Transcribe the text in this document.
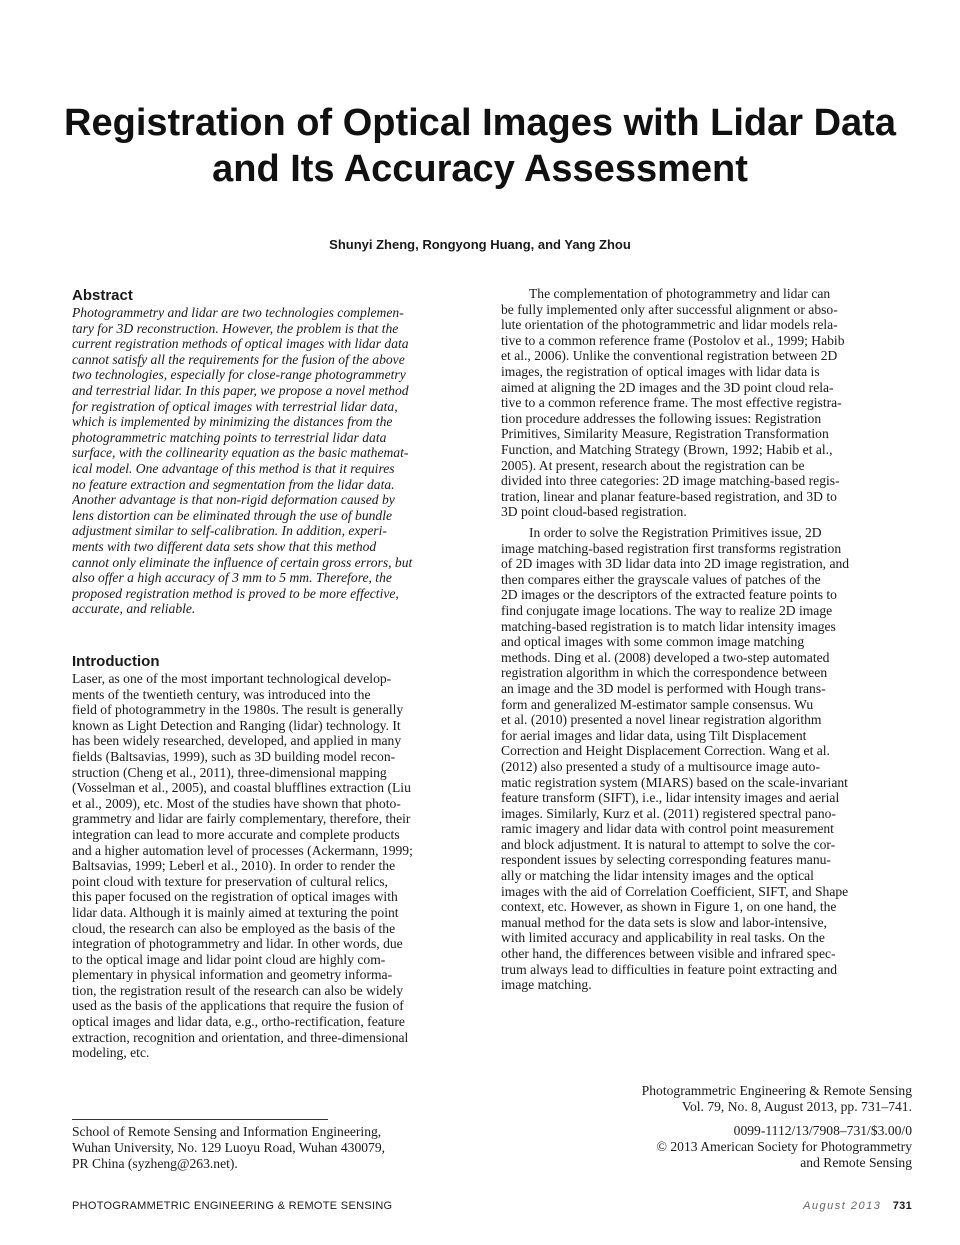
Registration of Optical Images with Lidar Data
and Its Accuracy Assessment
Shunyi Zheng, Rongyong Huang, and Yang Zhou
Abstract
Photogrammetry and lidar are two technologies complemen-
tary for 3D reconstruction. However, the problem is that the
current registration methods of optical images with lidar data
cannot satisfy all the requirements for the fusion of the above
two technologies, especially for close-range photogrammetry
and terrestrial lidar. In this paper, we propose a novel method
for registration of optical images with terrestrial lidar data,
which is implemented by minimizing the distances from the
photogrammetric matching points to terrestrial lidar data
surface, with the collinearity equation as the basic mathemat-
ical model. One advantage of this method is that it requires
no feature extraction and segmentation from the lidar data.
Another advantage is that non-rigid deformation caused by
lens distortion can be eliminated through the use of bundle
adjustment similar to self-calibration. In addition, experi-
ments with two different data sets show that this method
cannot only eliminate the influence of certain gross errors, but
also offer a high accuracy of 3 mm to 5 mm. Therefore, the
proposed registration method is proved to be more effective,
accurate, and reliable.
Introduction
Laser, as one of the most important technological develop-
ments of the twentieth century, was introduced into the
field of photogrammetry in the 1980s. The result is generally
known as Light Detection and Ranging (lidar) technology. It
has been widely researched, developed, and applied in many
fields (Baltsavias, 1999), such as 3D building model recon-
struction (Cheng et al., 2011), three-dimensional mapping
(Vosselman et al., 2005), and coastal blufflines extraction (Liu
et al., 2009), etc. Most of the studies have shown that photo-
grammetry and lidar are fairly complementary, therefore, their
integration can lead to more accurate and complete products
and a higher automation level of processes (Ackermann, 1999;
Baltsavias, 1999; Leberl et al., 2010). In order to render the
point cloud with texture for preservation of cultural relics,
this paper focused on the registration of optical images with
lidar data. Although it is mainly aimed at texturing the point
cloud, the research can also be employed as the basis of the
integration of photogrammetry and lidar. In other words, due
to the optical image and lidar point cloud are highly com-
plementary in physical information and geometry informa-
tion, the registration result of the research can also be widely
used as the basis of the applications that require the fusion of
optical images and lidar data, e.g., ortho-rectification, feature
extraction, recognition and orientation, and three-dimensional
modeling, etc.
The complementation of photogrammetry and lidar can
be fully implemented only after successful alignment or abso-
lute orientation of the photogrammetric and lidar models rela-
tive to a common reference frame (Postolov et al., 1999; Habib
et al., 2006). Unlike the conventional registration between 2D
images, the registration of optical images with lidar data is
aimed at aligning the 2D images and the 3D point cloud rela-
tive to a common reference frame. The most effective registra-
tion procedure addresses the following issues: Registration
Primitives, Similarity Measure, Registration Transformation
Function, and Matching Strategy (Brown, 1992; Habib et al.,
2005). At present, research about the registration can be
divided into three categories: 2D image matching-based regis-
tration, linear and planar feature-based registration, and 3D to
3D point cloud-based registration.
In order to solve the Registration Primitives issue, 2D
image matching-based registration first transforms registration
of 2D images with 3D lidar data into 2D image registration, and
then compares either the grayscale values of patches of the
2D images or the descriptors of the extracted feature points to
find conjugate image locations. The way to realize 2D image
matching-based registration is to match lidar intensity images
and optical images with some common image matching
methods. Ding et al. (2008) developed a two-step automated
registration algorithm in which the correspondence between
an image and the 3D model is performed with Hough trans-
form and generalized M-estimator sample consensus. Wu
et al. (2010) presented a novel linear registration algorithm
for aerial images and lidar data, using Tilt Displacement
Correction and Height Displacement Correction. Wang et al.
(2012) also presented a study of a multisource image auto-
matic registration system (MIARS) based on the scale-invariant
feature transform (SIFT), i.e., lidar intensity images and aerial
images. Similarly, Kurz et al. (2011) registered spectral pano-
ramic imagery and lidar data with control point measurement
and block adjustment. It is natural to attempt to solve the cor-
respondent issues by selecting corresponding features manu-
ally or matching the lidar intensity images and the optical
images with the aid of Correlation Coefficient, SIFT, and Shape
context, etc. However, as shown in Figure 1, on one hand, the
manual method for the data sets is slow and labor-intensive,
with limited accuracy and applicability in real tasks. On the
other hand, the differences between visible and infrared spec-
trum always lead to difficulties in feature point extracting and
image matching.
Photogrammetric Engineering & Remote Sensing
Vol. 79, No. 8, August 2013, pp. 731–741.
0099-1112/13/7908–731/$3.00/0
© 2013 American Society for Photogrammetry
and Remote Sensing
School of Remote Sensing and Information Engineering,
Wuhan University, No. 129 Luoyu Road, Wuhan 430079,
PR China (syzheng@263.net).
PHOTOGRAMMETRIC ENGINEERING & REMOTE SENSING	August 2013 731
